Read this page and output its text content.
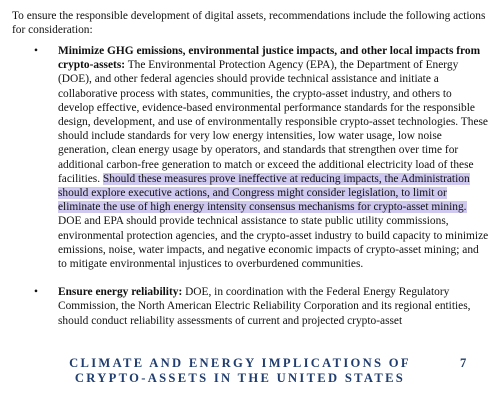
To ensure the responsible development of digital assets, recommendations include the following actions for consideration:

• Minimize GHG emissions, environmental justice impacts, and other local impacts from crypto-assets: The Environmental Protection Agency (EPA), the Department of Energy (DOE), and other federal agencies should provide technical assistance and initiate a collaborative process with states, communities, the crypto-asset industry, and others to develop effective, evidence-based environmental performance standards for the responsible design, development, and use of environmentally responsible crypto-asset technologies. These should include standards for very low energy intensities, low water usage, low noise generation, clean energy usage by operators, and standards that strengthen over time for additional carbon-free generation to match or exceed the additional electricity load of these facilities. Should these measures prove ineffective at reducing impacts, the Administration should explore executive actions, and Congress might consider legislation, to limit or eliminate the use of high energy intensity consensus mechanisms for crypto-asset mining. DOE and EPA should provide technical assistance to state public utility commissions, environmental protection agencies, and the crypto-asset industry to build capacity to minimize emissions, noise, water impacts, and negative economic impacts of crypto-asset mining; and to mitigate environmental injustices to overburdened communities.

• Ensure energy reliability: DOE, in coordination with the Federal Energy Regulatory Commission, the North American Electric Reliability Corporation and its regional entities, should conduct reliability assessments of current and projected crypto-asset

CLIMATE AND ENERGY IMPLICATIONS OF
CRYPTO-ASSETS IN THE UNITED STATES
7
